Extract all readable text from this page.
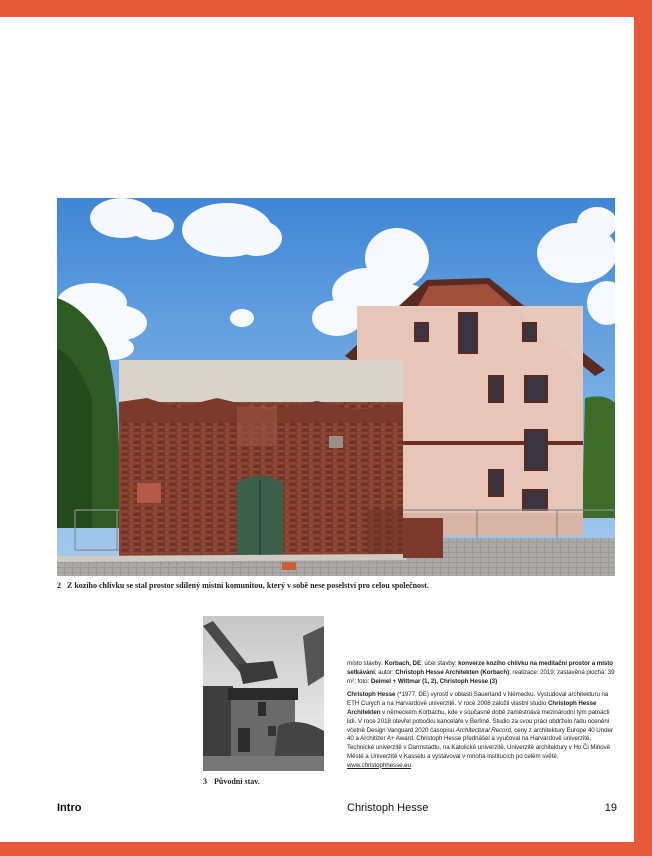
2 Z kozího chlívku se stal prostor sdílený místní komunitou, který v sobě nese poselství pro celou společnost.
3 Původní stav.

místo stavby: Korbach, DE; účel stavby: konverze kozího chlívku na meditační prostor a místo setkávání; autor: Christoph Hesse Architekten (Korbach); realizace: 2019; zastavěná plocha: 39 m²; foto: Deimel + Wittmar (1, 2), Christoph Hesse (3)

Christoph Hesse (*1977, DE) vyrostl v oblasti Sauerland v Německu. Vystudoval architekturu na ETH Curych a na Harvardově univerzitě. V roce 2008 založil vlastní studio Christoph Hesse Architekten v německém Korbachu, kde v současné době zaměstnává mezinárodní tým patnácti lidí. V roce 2018 otevřel pobočku kanceláře v Berlíně. Studio za svou práci obdrželo řadu ocenění včetně Design Vanguard 2020 časopisu Architectural Record, ceny z architektury Europe 40 Under 40 a Architizer A+ Award. Christoph Hesse přednášel a vyučoval na Harvardově univerzitě, Technické univerzitě v Darmstadtu, na Katolické univerzitě, Univerzitě architektury v Ho Či Minově Městě a Univerzitě v Kasselu a vystavoval v mnoha institucích po celém světě.
www.christophhesse.eu

Intro	Christoph Hesse	19
